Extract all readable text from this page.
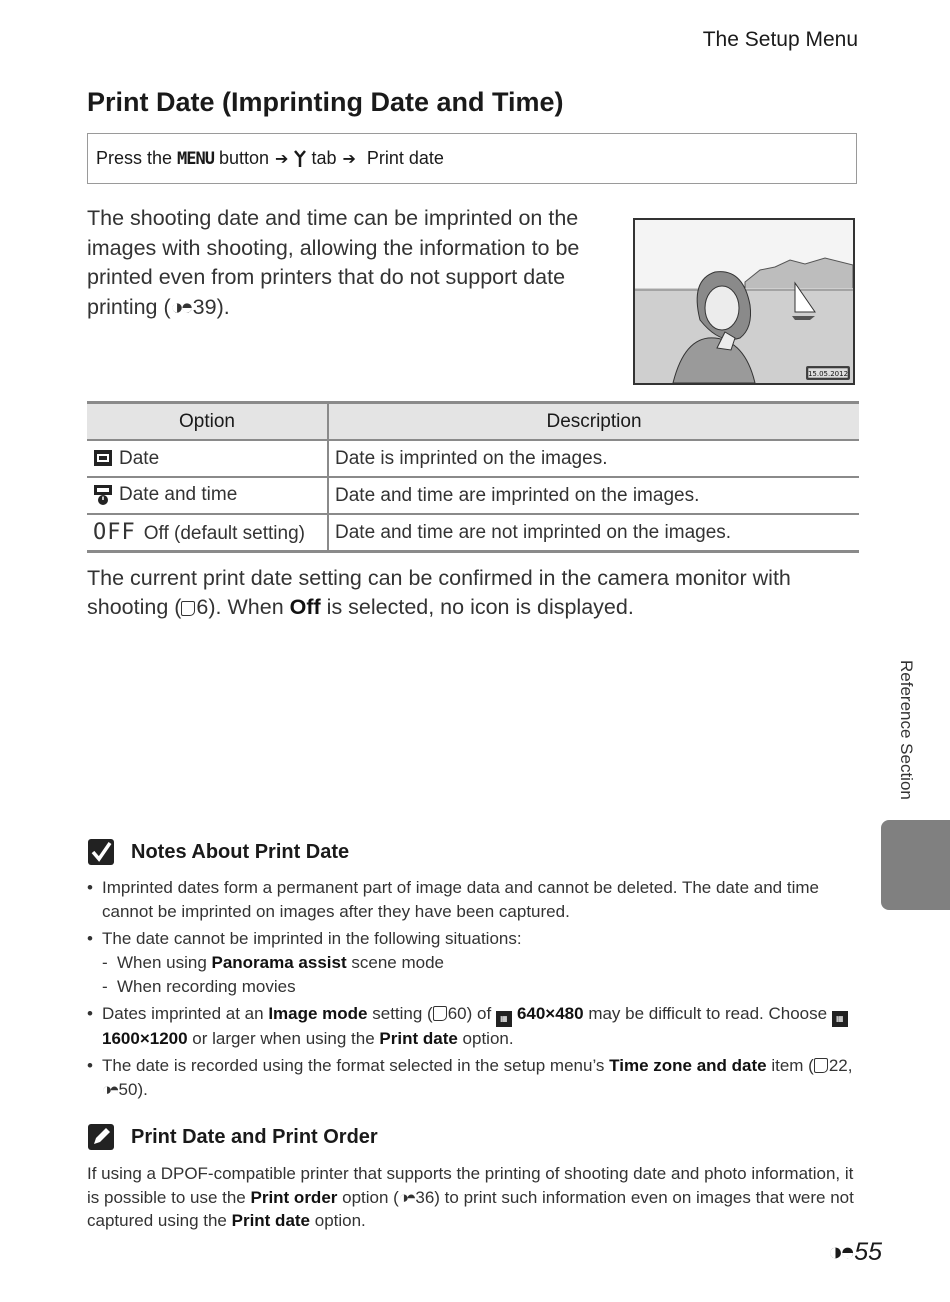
The Setup Menu
Print Date (Imprinting Date and Time)
Press the MENU button ➔ tab ➔ Print date
The shooting date and time can be imprinted on the images with shooting, allowing the information to be printed even from printers that do not support date printing (◑◓39).
15.05.2012
Option	Description
Date	Date is imprinted on the images.
Date and time	Date and time are imprinted on the images.
OFF Off (default setting)	Date and time are not imprinted on the images.
The current print date setting can be confirmed in the camera monitor with shooting ( 6). When Off is selected, no icon is displayed.
Reference Section
Notes About Print Date
• Imprinted dates form a permanent part of image data and cannot be deleted. The date and time cannot be imprinted on images after they have been captured.
• The date cannot be imprinted in the following situations:
- When using Panorama assist scene mode
- When recording movies
• Dates imprinted at an Image mode setting ( 60) of ▦ 640×480 may be difficult to read. Choose ▦1600×1200 or larger when using the Print date option.
• The date is recorded using the format selected in the setup menu’s Time zone and date item ( 22, ◑◓ 50).
Print Date and Print Order
If using a DPOF-compatible printer that supports the printing of shooting date and photo information, it is possible to use the Print order option (◑◓ 36) to print such information even on images that were not captured using the Print date option.
◑◓ 55
